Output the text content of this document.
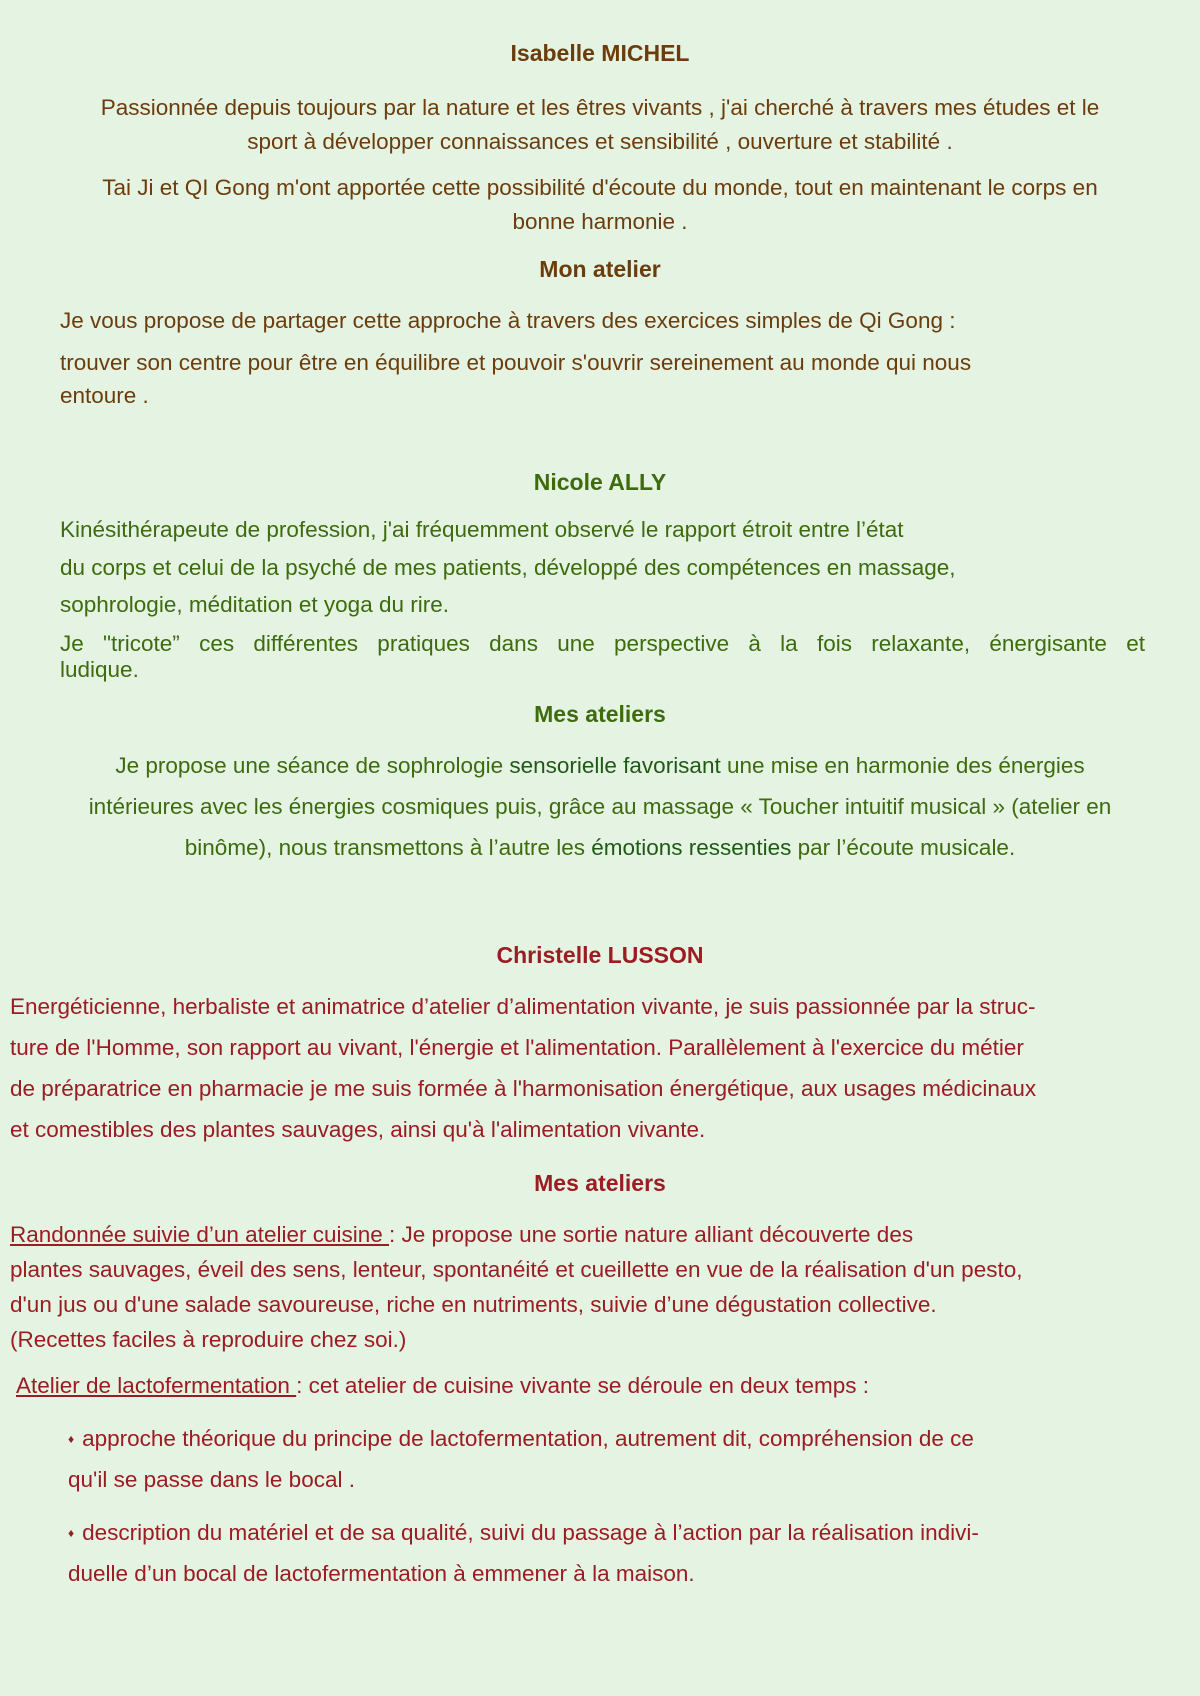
Isabelle MICHEL
Passionnée depuis toujours par la nature et les êtres vivants , j'ai cherché à travers mes études et le
sport à développer connaissances et sensibilité , ouverture et stabilité .
Tai Ji et QI Gong m'ont apportée cette possibilité d'écoute du monde, tout en maintenant le corps en
bonne harmonie .
Mon atelier
Je vous propose de partager cette approche à travers des exercices simples de Qi Gong :
trouver son centre pour être en équilibre et pouvoir s'ouvrir sereinement au monde qui nous
entoure .
Nicole ALLY
Kinésithérapeute de profession, j'ai fréquemment observé le rapport étroit entre l’état
du corps et celui de la psyché de mes patients, développé des compétences en massage,
sophrologie, méditation et yoga du rire.
Je "tricote” ces différentes pratiques dans une perspective à la fois relaxante, énergisante et
ludique.
Mes ateliers
Je propose une séance de sophrologie sensorielle favorisant une mise en harmonie des énergies
intérieures avec les énergies cosmiques puis, grâce au massage « Toucher intuitif musical » (atelier en
binôme), nous transmettons à l’autre les émotions ressenties par l’écoute musicale.
Christelle LUSSON
Energéticienne, herbaliste et animatrice d’atelier d’alimentation vivante, je suis passionnée par la struc-
ture de l'Homme, son rapport au vivant, l'énergie et l'alimentation. Parallèlement à l'exercice du métier
de préparatrice en pharmacie je me suis formée à l'harmonisation énergétique, aux usages médicinaux
et comestibles des plantes sauvages, ainsi qu'à l'alimentation vivante.
Mes ateliers
Randonnée suivie d’un atelier cuisine : Je propose une sortie nature alliant découverte des
plantes sauvages, éveil des sens, lenteur, spontanéité et cueillette en vue de la réalisation d'un pesto,
d'un jus ou d'une salade savoureuse, riche en nutriments, suivie d’une dégustation collective.
(Recettes faciles à reproduire chez soi.)
Atelier de lactofermentation : cet atelier de cuisine vivante se déroule en deux temps :
♦ approche théorique du principe de lactofermentation, autrement dit, compréhension de ce
qu'il se passe dans le bocal .
♦ description du matériel et de sa qualité, suivi du passage à l’action par la réalisation indivi-
duelle d’un bocal de lactofermentation à emmener à la maison.
